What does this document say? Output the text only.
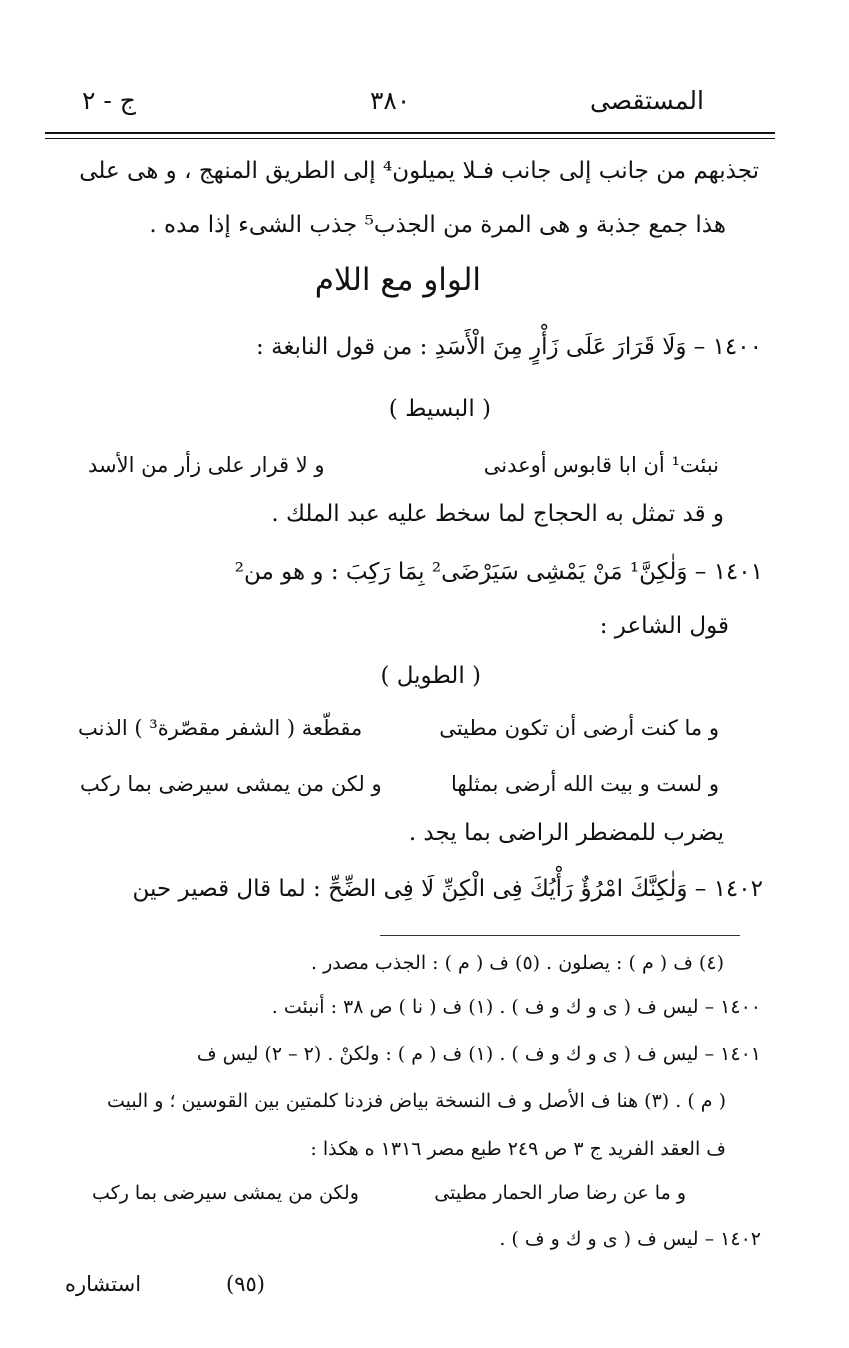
المستقصى
٣٨٠
ج - ٢
تجذبهم من جانب إلى جانب فـلا يميلون⁴ إلى الطريق المنهج ، و هى على
هذا جمع جذبة و هى المرة من الجذب⁵ جذب الشىء إذا مده .
الواو مع اللام
١٤٠٠ – وَلَا قَرَارَ عَلَى زَأْرٍ مِنَ الْأَسَدِ : من قول النابغة :
( البسيط )
نبئت¹ أن ابا قابوس أوعدنى
و لا قرار على زأر من الأسد
و قد تمثل به الحجاج لما سخط عليه عبد الملك .
١٤٠١ – وَلٰكِنَّ¹ مَنْ يَمْشِى سَيَرْضَى² بِمَا رَكِبَ : و هو من²
قول الشاعر :
( الطويل )
و ما كنت أرضى أن تكون مطيتى
مقطّعة ( الشفر مقصّرة³ ) الذنب
و لست و بيت الله أرضى بمثلها
و لكن من يمشى سيرضى بما ركب
يضرب للمضطر الراضى بما يجد .
١٤٠٢ – وَلٰكِنَّكَ امْرُؤٌ رَأْيُكَ فِى الْكِنِّ لَا فِى الضِّحِّ : لما قال قصير حين
(٤) ف ( م ) : يصلون . (٥) ف ( م ) : الجذب مصدر .
١٤٠٠ – ليس ف ( ى و ك و ف ) . (١) ف ( نا ) ص ٣٨ : أنبئت .
١٤٠١ – ليس ف ( ى و ك و ف ) . (١) ف ( م ) : ولكنْ . (٢ – ٢) ليس ف
( م ) . (٣) هنا ف الأصل و ف النسخة بياض فزدنا كلمتين بين القوسين ؛ و البيت
ف العقد الفريد ج ٣ ص ٢٤٩ طبع مصر ١٣١٦ ه هكذا :
و ما عن رضا صار الحمار مطيتى
ولكن من يمشى سيرضى بما ركب
١٤٠٢ – ليس ف ( ى و ك و ف ) .
(٩٥)
استشاره
